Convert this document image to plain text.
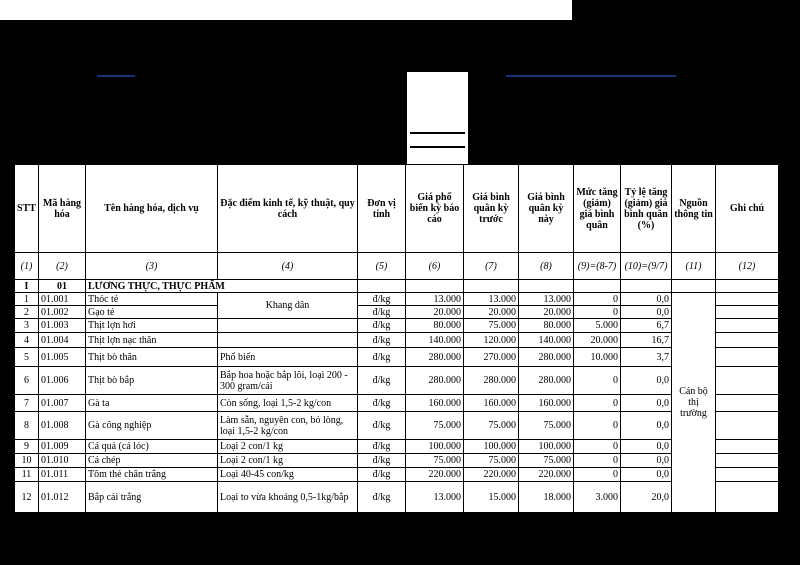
STT	Mã hàng hóa	Tên hàng hóa, dịch vụ	Đặc điểm kinh tế, kỹ thuật, quy cách	Đơn vị tính	Giá phổ biến kỳ báo cáo	Giá bình quân kỳ trước	Giá bình quân kỳ này	Mức tăng (giảm) giá bình quân	Tỷ lệ tăng (giảm) giá bình quân (%)	Nguồn thông tin	Ghi chú
(1)	(2)	(3)	(4)	(5)	(6)	(7)	(8)	(9)=(8-7)	(10)=(9/7)	(11)	(12)
I	01	LƯƠNG THỰC, THỰC PHẨM									
1	01.001	Thóc tẻ	Khang dân	đ/kg	13.000	13.000	13.000	0	0,0	Cán bộ thị trường	
2	01.002	Gạo tẻ		đ/kg	20.000	20.000	20.000	0	0,0		
3	01.003	Thịt lợn hơi		đ/kg	80.000	75.000	80.000	5.000	6,7		
4	01.004	Thịt lợn nạc thăn		đ/kg	140.000	120.000	140.000	20.000	16,7		
5	01.005	Thịt bò thăn	Phổ biến	đ/kg	280.000	270.000	280.000	10.000	3,7		
6	01.006	Thịt bò bắp	Bắp hoa hoặc bắp lõi, loại 200 - 300 gram/cái	đ/kg	280.000	280.000	280.000	0	0,0		
7	01.007	Gà ta	Còn sống, loại 1,5-2 kg/con	đ/kg	160.000	160.000	160.000	0	0,0		
8	01.008	Gà công nghiệp	Làm sẵn, nguyên con, bỏ lòng, loại 1,5-2 kg/con	đ/kg	75.000	75.000	75.000	0	0,0		
9	01.009	Cá quả (cá lóc)	Loại 2 con/1 kg	đ/kg	100.000	100.000	100.000	0	0,0		
10	01.010	Cá chép	Loại 2 con/1 kg	đ/kg	75.000	75.000	75.000	0	0,0		
11	01.011	Tôm thẻ chân trắng	Loại 40-45 con/kg	đ/kg	220.000	220.000	220.000	0	0,0		
12	01.012	Bắp cải trắng	Loại to vừa khoảng 0,5-1kg/bắp	đ/kg	13.000	15.000	18.000	3.000	20,0		
